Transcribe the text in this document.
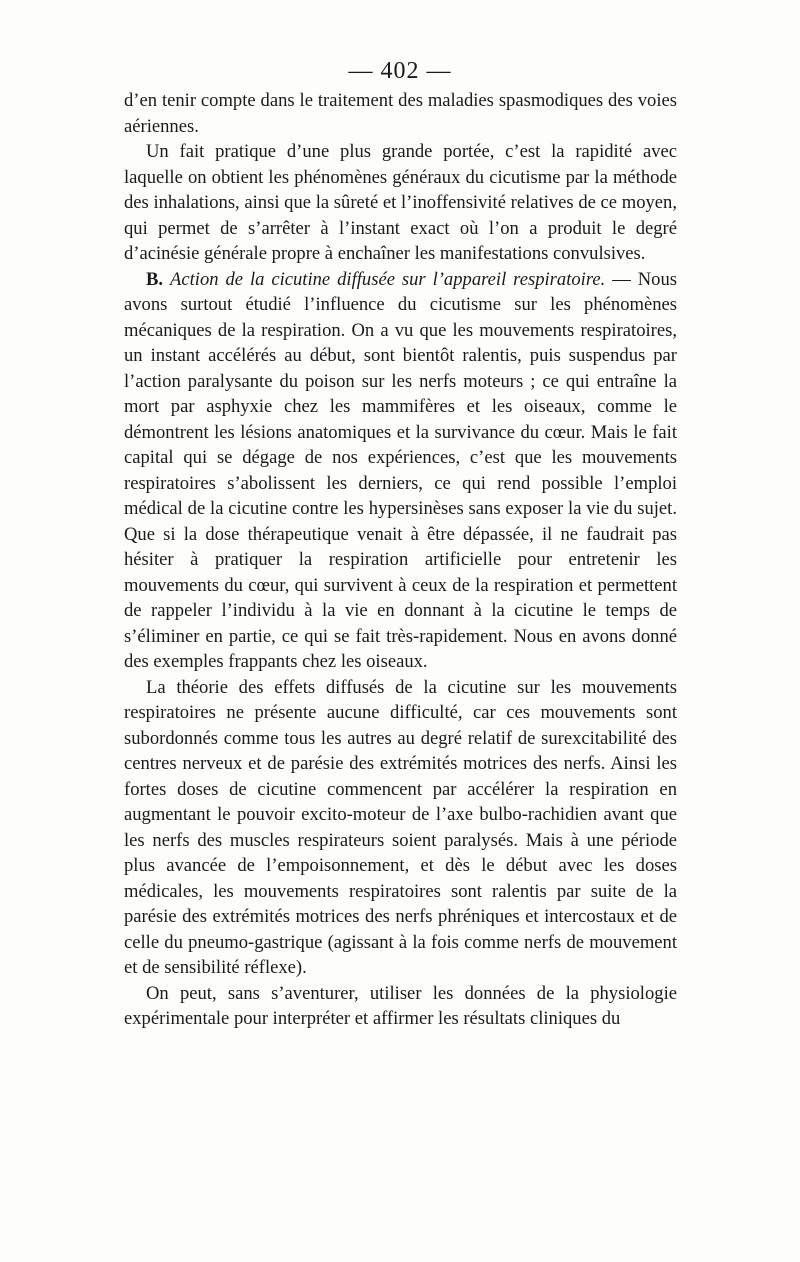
— 402 —

d’en tenir compte dans le traitement des maladies spasmodiques des voies aériennes.

Un fait pratique d’une plus grande portée, c’est la rapidité avec laquelle on obtient les phénomènes généraux du cicutisme par la méthode des inhalations, ainsi que la sûreté et l’inoffensivité relatives de ce moyen, qui permet de s’arrêter à l’instant exact où l’on a produit le degré d’acinésie générale propre à enchaîner les manifestations convulsives.

B. Action de la cicutine diffusée sur l’appareil respiratoire. — Nous avons surtout étudié l’influence du cicutisme sur les phénomènes mécaniques de la respiration. On a vu que les mouvements respiratoires, un instant accélérés au début, sont bientôt ralentis, puis suspendus par l’action paralysante du poison sur les nerfs moteurs ; ce qui entraîne la mort par asphyxie chez les mammifères et les oiseaux, comme le démontrent les lésions anatomiques et la survivance du cœur. Mais le fait capital qui se dégage de nos expériences, c’est que les mouvements respiratoires s’abolissent les derniers, ce qui rend possible l’emploi médical de la cicutine contre les hypersinèses sans exposer la vie du sujet. Que si la dose thérapeutique venait à être dépassée, il ne faudrait pas hésiter à pratiquer la respiration artificielle pour entretenir les mouvements du cœur, qui survivent à ceux de la respiration et permettent de rappeler l’individu à la vie en donnant à la cicutine le temps de s’éliminer en partie, ce qui se fait très-rapidement. Nous en avons donné des exemples frappants chez les oiseaux.

La théorie des effets diffusés de la cicutine sur les mouvements respiratoires ne présente aucune difficulté, car ces mouvements sont subordonnés comme tous les autres au degré relatif de surexcitabilité des centres nerveux et de parésie des extrémités motrices des nerfs. Ainsi les fortes doses de cicutine commencent par accélérer la respiration en augmentant le pouvoir excito-moteur de l’axe bulbo-rachidien avant que les nerfs des muscles respirateurs soient paralysés. Mais à une période plus avancée de l’empoisonnement, et dès le début avec les doses médicales, les mouvements respiratoires sont ralentis par suite de la parésie des extrémités motrices des nerfs phréniques et intercostaux et de celle du pneumo-gastrique (agissant à la fois comme nerfs de mouvement et de sensibilité réflexe).

On peut, sans s’aventurer, utiliser les données de la physiologie expérimentale pour interpréter et affirmer les résultats cliniques du
